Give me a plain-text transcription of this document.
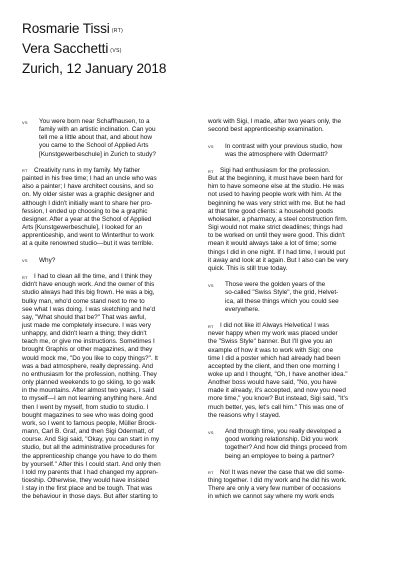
Rosmarie Tissi (RT)
Vera Sacchetti (VS)
Zurich, 12 January 2018
VS	You were born near Schaffhausen, to a
family with an artistic inclination. Can you
tell me a little about that, and about how
you came to the School of Applied Arts
[Kunstgewerbeschule] in Zurich to study?
RT Creativity runs in my family. My father
painted in his free time; I had an uncle who was
also a painter; I have architect cousins, and so
on. My older sister was a graphic designer and
although I didn't initially want to share her pro-
fession, I ended up choosing to be a graphic
designer. After a year at the School of Applied
Arts [Kunstgewerbeschule], I looked for an
apprenticeship, and went to Winterthur to work
at a quite renowned studio—but it was terrible.
VS	Why?
RT I had to clean all the time, and I think they
didn't have enough work. And the owner of this
studio always had this big frown. He was a big,
bulky man, who'd come stand next to me to
see what I was doing. I was sketching and he'd
say, "What should that be?" That was awful,
just made me completely insecure. I was very
unhappy, and didn't learn a thing; they didn't
teach me, or give me instructions. Sometimes I
brought Graphis or other magazines, and they
would mock me, "Do you like to copy things?". It
was a bad atmosphere, really depressing. And
no enthusiasm for the profession, nothing. They
only planned weekends to go skiing, to go walk
in the mountains. After almost two years, I said
to myself—I am not learning anything here. And
then I went by myself, from studio to studio. I
bought magazines to see who was doing good
work, so I went to famous people, Müller Brock-
mann, Carl B. Graf, and then Sigi Odermatt, of
course. And Sigi said, "Okay, you can start in my
studio, but all the administrative procedures for
the apprenticeship change you have to do them
by yourself." After this I could start. And only then
I told my parents that I had changed my appren-
ticeship. Otherwise, they would have insisted
I stay in the first place and be tough. That was
the behaviour in those days. But after starting to
work with Sigi, I made, after two years only, the
second best apprenticeship examination.
VS	In contrast with your previous studio, how
was the atmosphere with Odermatt?
RT Sigi had enthusiasm for the profession.
But at the beginning, it must have been hard for
him to have someone else at the studio. He was
not used to having people work with him. At the
beginning he was very strict with me. But he had
at that time good clients: a household goods
wholesaler, a pharmacy, a steel construction firm.
Sigi would not make strict deadlines; things had
to be worked on until they were good. This didn't
mean it would always take a lot of time; some
things I did in one night. If I had time, I would put
it away and look at it again. But I also can be very
quick. This is still true today.
VS	Those were the golden years of the
so-called "Swiss Style", the grid, Helvet-
ica, all these things which you could see
everywhere.
RT I did not like it! Always Helvetica! I was
never happy when my work was placed under
the "Swiss Style" banner. But I'll give you an
example of how it was to work with Sigi; one
time I did a poster which had already had been
accepted by the client, and then one morning I
woke up and I thought, "Oh, I have another idea."
Another boss would have said, "No, you have
made it already, it's accepted, and now you need
more time," you know? But instead, Sigi said, "It's
much better, yes, let's call him." This was one of
the reasons why I stayed.
VS	And through time, you really developed a
good working relationship. Did you work
together? And how did things proceed from
being an employee to being a partner?
RT No! It was never the case that we did some-
thing together. I did my work and he did his work.
There are only a very few number of occasions
in which we cannot say where my work ends
